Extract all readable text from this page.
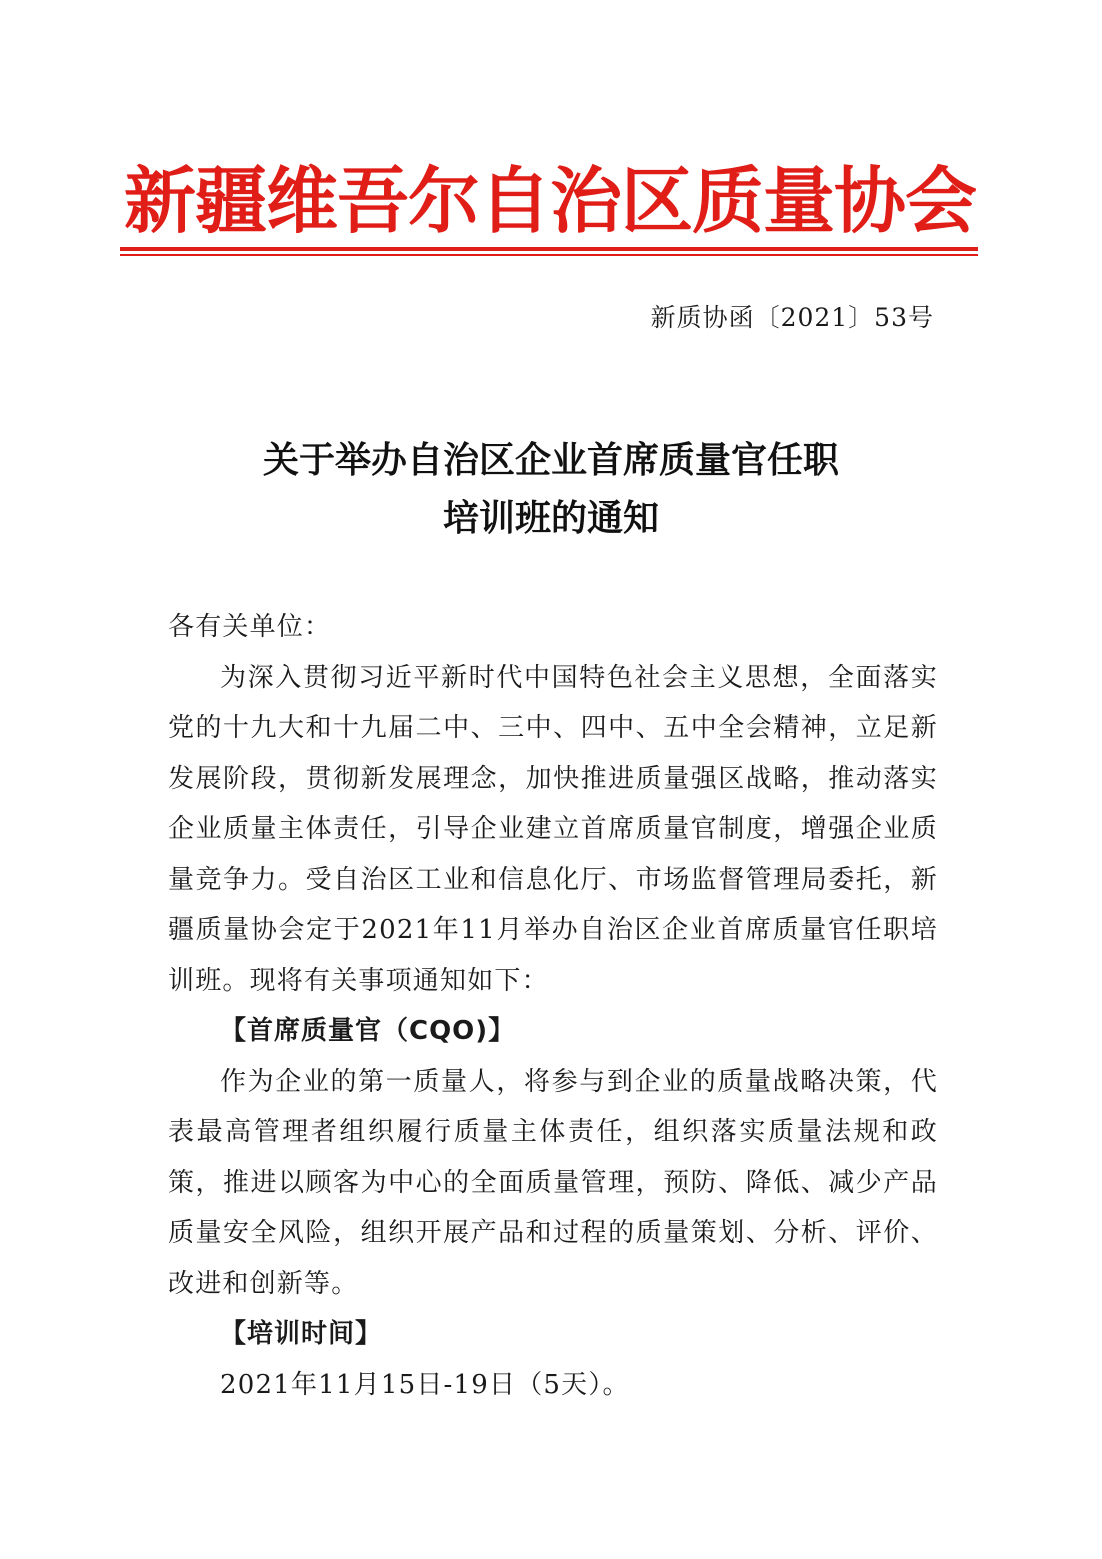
新疆维吾尔自治区质量协会
新质协函〔2021〕53号
关于举办自治区企业首席质量官任职
培训班的通知

各有关单位：

为深入贯彻习近平新时代中国特色社会主义思想，全面落实党的十九大和十九届二中、三中、四中、五中全会精神，立足新发展阶段，贯彻新发展理念，加快推进质量强区战略，推动落实企业质量主体责任，引导企业建立首席质量官制度，增强企业质量竞争力。受自治区工业和信息化厅、市场监督管理局委托，新疆质量协会定于2021年11月举办自治区企业首席质量官任职培训班。现将有关事项通知如下：

【首席质量官（CQO)】

作为企业的第一质量人，将参与到企业的质量战略决策，代表最高管理者组织履行质量主体责任，组织落实质量法规和政策，推进以顾客为中心的全面质量管理，预防、降低、减少产品质量安全风险，组织开展产品和过程的质量策划、分析、评价、改进和创新等。

【培训时间】

2021年11月15日-19日（5天）。
